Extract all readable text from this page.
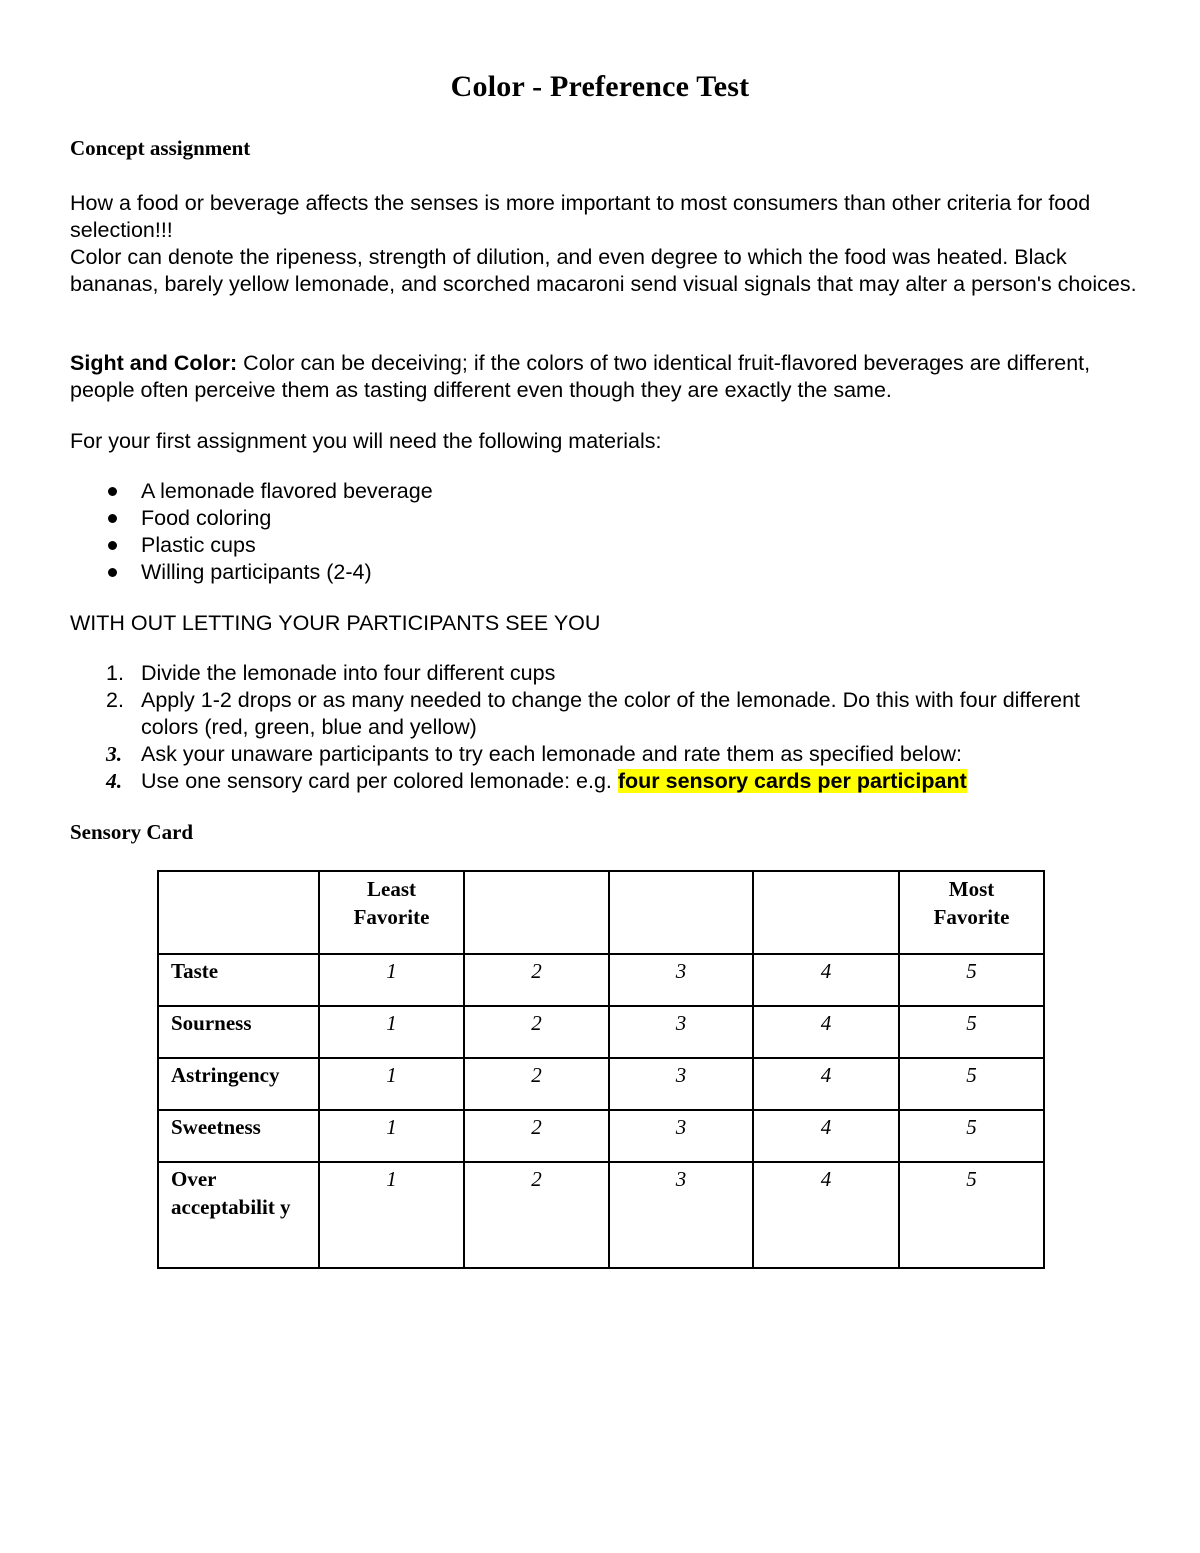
Color - Preference Test
Concept assignment
How a food or beverage affects the senses is more important to most consumers than other criteria for food selection!!!
Color can denote the ripeness, strength of dilution, and even degree to which the food was heated. Black bananas, barely yellow lemonade, and scorched macaroni send visual signals that may alter a person's choices.
Sight and Color: Color can be deceiving; if the colors of two identical fruit-flavored beverages are different, people often perceive them as tasting different even though they are exactly the same.
For your first assignment you will need the following materials:
A lemonade flavored beverage
Food coloring
Plastic cups
Willing participants (2-4)
WITH OUT LETTING YOUR PARTICIPANTS SEE YOU
1. Divide the lemonade into four different cups
2. Apply 1-2 drops or as many needed to change the color of the lemonade. Do this with four different colors (red, green, blue and yellow)
3. Ask your unaware participants to try each lemonade and rate them as specified below:
4. Use one sensory card per colored lemonade: e.g. four sensory cards per participant
Sensory Card
	Least Favorite				Most Favorite
Taste	1	2	3	4	5
Sourness	1	2	3	4	5
Astringency	1	2	3	4	5
Sweetness	1	2	3	4	5
Over acceptabilit y	1	2	3	4	5
